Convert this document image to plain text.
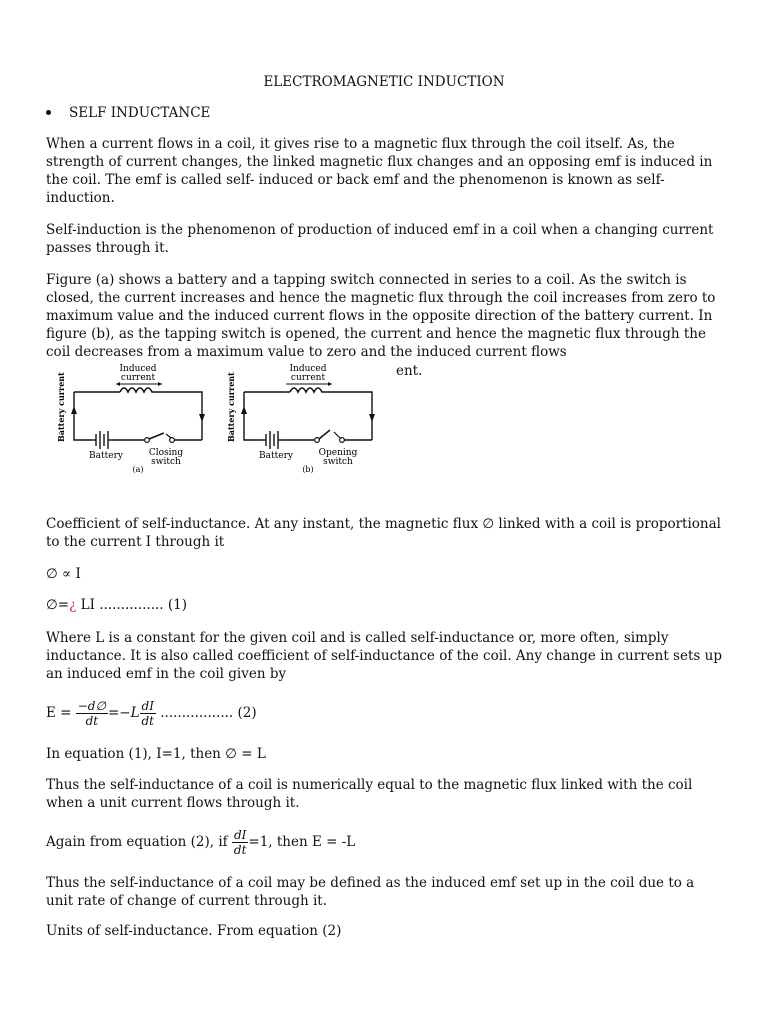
ELECTROMAGNETIC INDUCTION
SELF INDUCTANCE

When a current flows in a coil, it gives rise to a magnetic flux through the coil itself. As, the strength of current changes, the linked magnetic flux changes and an opposing emf is induced in the coil. The emf is called self- induced or back emf and the phenomenon is known as self-induction.

Self-induction is the phenomenon of production of induced emf in a coil when a changing current passes through it.

Figure (a) shows a battery and a tapping switch connected in series to a coil. As the switch is closed, the current increases and hence the magnetic flux through the coil increases from zero to maximum value and the induced current flows in the opposite direction of the battery current. In figure (b), as the tapping switch is opened, the current and hence the magnetic flux through the coil decreases from a maximum value to zero and the induced current flows

ent.
Induced
current
Battery current
Battery	Closing
switch
(a)
Induced
current
Battery current
Battery	Opening
switch
(b)

Coefficient of self-inductance. At any instant, the magnetic flux ∅ linked with a coil is proportional to the current I through it

∅ ∝ I

∅=¿ LI ............... (1)

Where L is a constant for the given coil and is called self-inductance or, more often, simply inductance. It is also called coefficient of self-inductance of the coil. Any change in current sets up an induced emf in the coil given by

$E = \frac{-d\emptyset}{dt} =-L \frac{dI}{dt}$ ................. (2)

In equation (1), I=1, then ∅ = L

Thus the self-inductance of a coil is numerically equal to the magnetic flux linked with the coil when a unit current flows through it.

Again from equation (2), if $\frac{dI}{dt} =1$, then E = -L

Thus the self-inductance of a coil may be defined as the induced emf set up in the coil due to a unit rate of change of current through it.

Units of self-inductance. From equation (2)
